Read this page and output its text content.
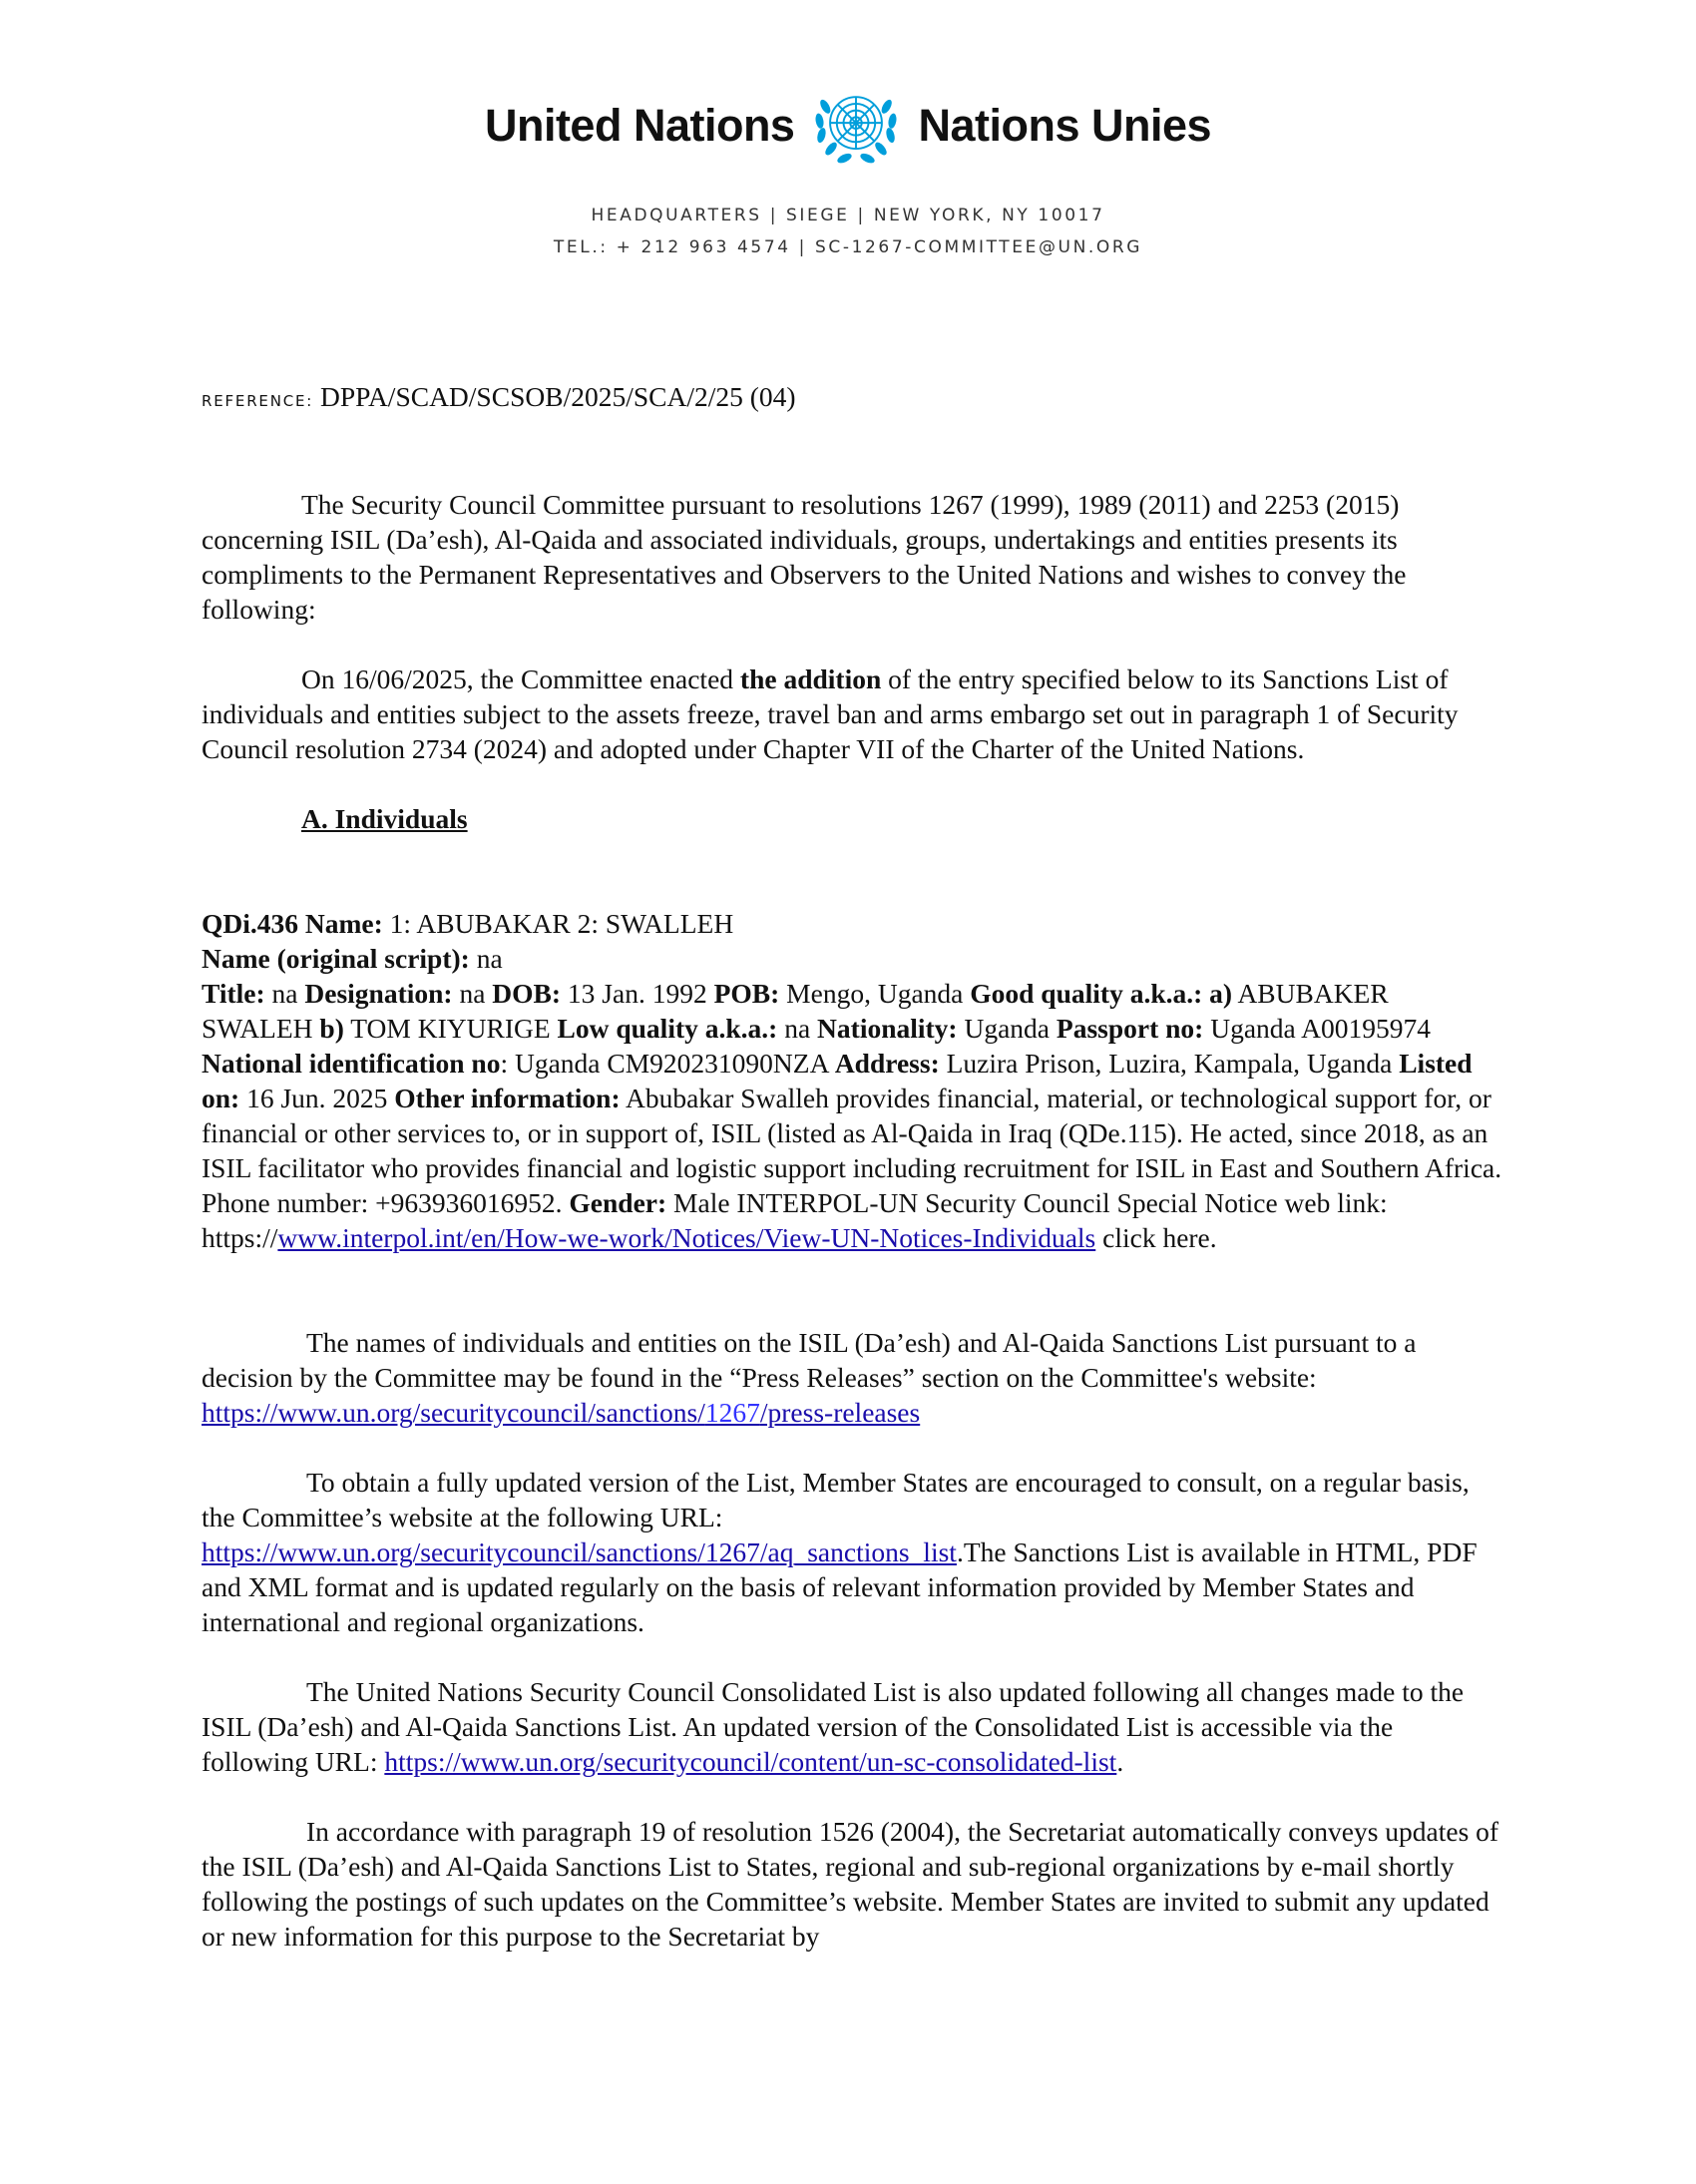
United Nations	Nations Unies
HEADQUARTERS | SIEGE | NEW YORK, NY 10017
TEL.: + 212 963 4574 | SC-1267-COMMITTEE@UN.ORG

REFERENCE: DPPA/SCAD/SCSOB/2025/SCA/2/25 (04)

The Security Council Committee pursuant to resolutions 1267 (1999), 1989 (2011) and 2253 (2015) concerning ISIL (Da’esh), Al-Qaida and associated individuals, groups, undertakings and entities presents its compliments to the Permanent Representatives and Observers to the United Nations and wishes to convey the following:

On 16/06/2025, the Committee enacted the addition of the entry specified below to its Sanctions List of individuals and entities subject to the assets freeze, travel ban and arms embargo set out in paragraph 1 of Security Council resolution 2734 (2024) and adopted under Chapter VII of the Charter of the United Nations.

A. Individuals

QDi.436 Name: 1: ABUBAKAR 2: SWALLEH
Name (original script): na
Title: na Designation: na DOB: 13 Jan. 1992 POB: Mengo, Uganda Good quality a.k.a.: a) ABUBAKER SWALEH b) TOM KIYURIGE Low quality a.k.a.: na Nationality: Uganda Passport no: Uganda A00195974 National identification no: Uganda CM920231090NZA Address: Luzira Prison, Luzira, Kampala, Uganda Listed on: 16 Jun. 2025 Other information: Abubakar Swalleh provides financial, material, or technological support for, or financial or other services to, or in support of, ISIL (listed as Al-Qaida in Iraq (QDe.115). He acted, since 2018, as an ISIL facilitator who provides financial and logistic support including recruitment for ISIL in East and Southern Africa. Phone number: +963936016952. Gender: Male INTERPOL-UN Security Council Special Notice web link: https://www.interpol.int/en/How-we-work/Notices/View-UN-Notices-Individuals click here.

The names of individuals and entities on the ISIL (Da’esh) and Al-Qaida Sanctions List pursuant to a decision by the Committee may be found in the “Press Releases” section on the Committee's website: https://www.un.org/securitycouncil/sanctions/1267/press-releases

To obtain a fully updated version of the List, Member States are encouraged to consult, on a regular basis, the Committee’s website at the following URL: https://www.un.org/securitycouncil/sanctions/1267/aq_sanctions_list.The Sanctions List is available in HTML, PDF and XML format and is updated regularly on the basis of relevant information provided by Member States and international and regional organizations.

The United Nations Security Council Consolidated List is also updated following all changes made to the ISIL (Da’esh) and Al-Qaida Sanctions List. An updated version of the Consolidated List is accessible via the following URL: https://www.un.org/securitycouncil/content/un-sc-consolidated-list.

In accordance with paragraph 19 of resolution 1526 (2004), the Secretariat automatically conveys updates of the ISIL (Da’esh) and Al-Qaida Sanctions List to States, regional and sub-regional organizations by e-mail shortly following the postings of such updates on the Committee’s website. Member States are invited to submit any updated or new information for this purpose to the Secretariat by
